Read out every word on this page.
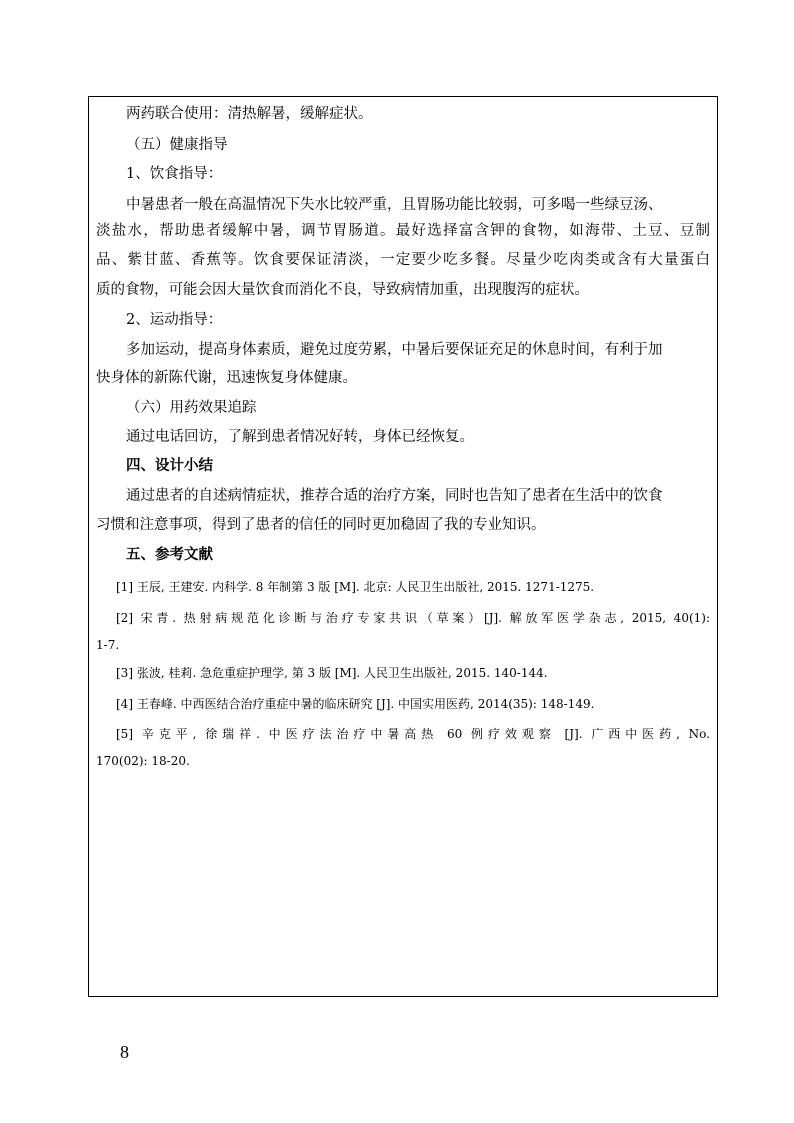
两药联合使用：清热解暑，缓解症状。
（五）健康指导
1、饮食指导：
中暑患者一般在高温情况下失水比较严重，且胃肠功能比较弱，可多喝一些绿豆汤、
淡盐水，帮助患者缓解中暑，调节胃肠道。最好选择富含钾的食物，如海带、土豆、豆制
品、紫甘蓝、香蕉等。饮食要保证清淡，一定要少吃多餐。尽量少吃肉类或含有大量蛋白
质的食物，可能会因大量饮食而消化不良，导致病情加重，出现腹泻的症状。
2、运动指导：
多加运动，提高身体素质，避免过度劳累，中暑后要保证充足的休息时间，有利于加
快身体的新陈代谢，迅速恢复身体健康。
（六）用药效果追踪
通过电话回访，了解到患者情况好转，身体已经恢复。
四、设计小结
通过患者的自述病情症状，推荐合适的治疗方案，同时也告知了患者在生活中的饮食
习惯和注意事项，得到了患者的信任的同时更加稳固了我的专业知识。
五、参考文献
[1] 王辰, 王建安. 内科学. 8 年制第 3 版 [M]. 北京: 人民卫生出版社, 2015. 1271-1275.
[2] 宋青. 热射病规范化诊断与治疗专家共识（草案）[J]. 解放军医学杂志, 2015, 40(1):
1-7.
[3] 张波, 桂莉. 急危重症护理学, 第 3 版 [M]. 人民卫生出版社, 2015. 140-144.
[4] 王春峰. 中西医结合治疗重症中暑的临床研究 [J]. 中国实用医药, 2014(35): 148-149.
[5] 辛克平, 徐瑞祥. 中医疗法治疗中暑高热 60 例疗效观察 [J]. 广西中医药, No.
170(02): 18-20.
8
